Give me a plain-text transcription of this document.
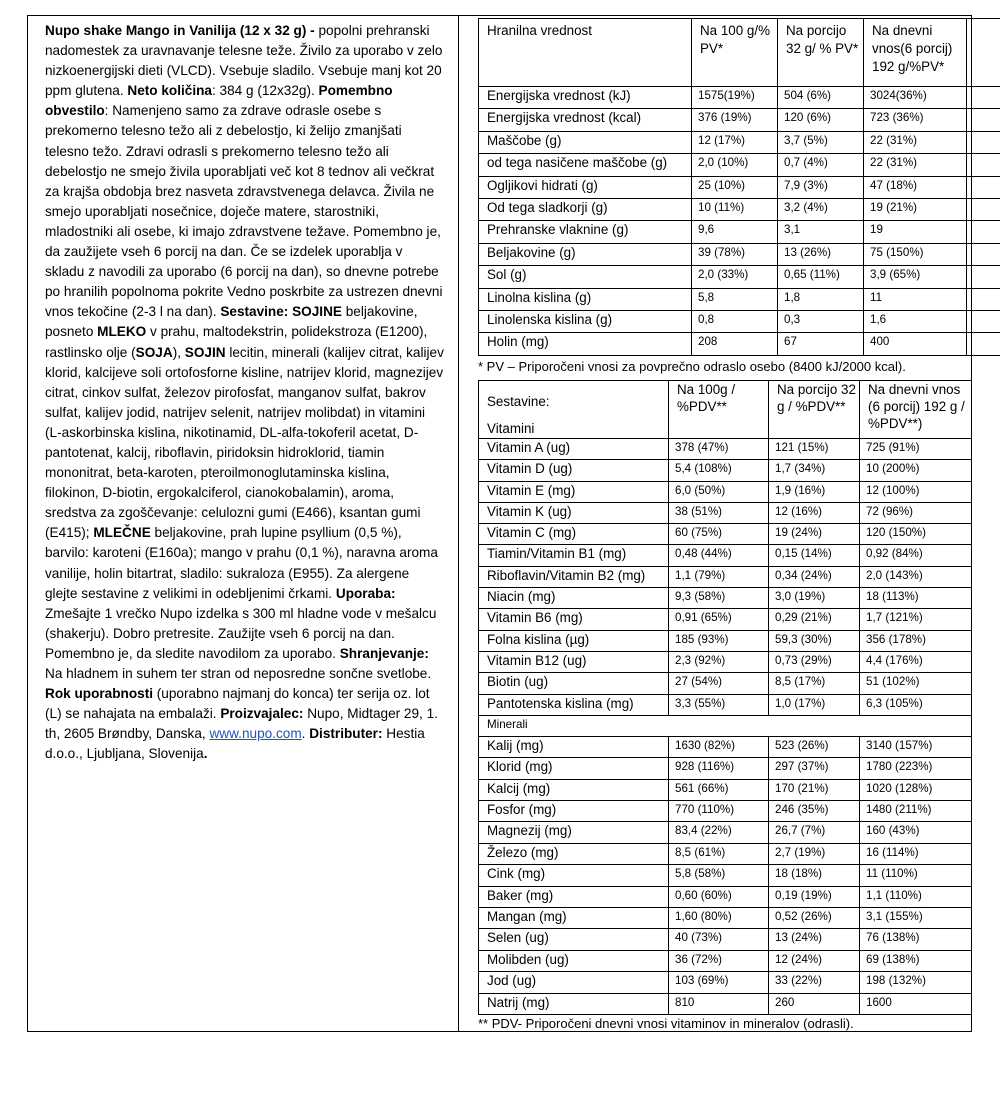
Nupo shake Mango in Vanilija (12 x 32 g) - popolni prehranski nadomestek za uravnavanje telesne teže. Živilo za uporabo v zelo nizkoenergijski dieti (VLCD). Vsebuje sladilo. Vsebuje manj kot 20 ppm glutena. Neto količina: 384 g (12x32g). Pomembno obvestilo: Namenjeno samo za zdrave odrasle osebe s prekomerno telesno težo ali z debelostjo, ki želijo zmanjšati telesno težo. Zdravi odrasli s prekomerno telesno težo ali debelostjo ne smejo živila uporabljati več kot 8 tednov ali večkrat za krajša obdobja brez nasveta zdravstvenega delavca. Živila ne smejo uporabljati nosečnice, doječe matere, starostniki, mladostniki ali osebe, ki imajo zdravstvene težave. Pomembno je, da zaužijete vseh 6 porcij na dan. Če se izdelek uporablja v skladu z navodili za uporabo (6 porcij na dan), so dnevne potrebe po hranilih popolnoma pokrite Vedno poskrbite za ustrezen dnevni vnos tekočine (2-3 l na dan). Sestavine: SOJINE beljakovine, posneto MLEKO v prahu, maltodekstrin, polidekstroza (E1200), rastlinsko olje (SOJA), SOJIN lecitin, minerali (kalijev citrat, kalijev klorid, kalcijeve soli ortofosforne kisline, natrijev klorid, magnezijev citrat, cinkov sulfat, železov pirofosfat, manganov sulfat, bakrov sulfat, kalijev jodid, natrijev selenit, natrijev molibdat) in vitamini (L-askorbinska kislina, nikotinamid, DL-alfa-tokoferil acetat, D-pantotenat, kalcij, riboflavin, piridoksin hidroklorid, tiamin mononitrat, beta-karoten, pteroilmonoglutaminska kislina, filokinon, D-biotin, ergokalciferol, cianokobalamin), aroma, sredstva za zgoščevanje: celulozni gumi (E466), ksantan gumi (E415); MLEČNE beljakovine, prah lupine psyllium (0,5 %), barvilo: karoteni (E160a); mango v prahu (0,1 %), naravna aroma vanilije, holin bitartrat, sladilo: sukraloza (E955). Za alergene glejte sestavine z velikimi in odebljenimi črkami. Uporaba: Zmešajte 1 vrečko Nupo izdelka s 300 ml hladne vode v mešalcu (shakerju). Dobro pretresite. Zaužijte vseh 6 porcij na dan. Pomembno je, da sledite navodilom za uporabo. Shranjevanje: Na hladnem in suhem ter stran od neposredne sončne svetlobe. Rok uporabnosti (uporabno najmanj do konca) ter serija oz. lot (L) se nahajata na embalaži. Proizvajalec: Nupo, Midtager 29, 1. th, 2605 Brøndby, Danska, www.nupo.com. Distributer: Hestia d.o.o., Ljubljana, Slovenija.
Hranilna vrednost	Na 100 g/% PV*	Na porcijo 32 g/ % PV*	Na dnevni vnos(6 porcij) 192 g/%PV*	
Energijska vrednost (kJ)	1575(19%)	504 (6%)	3024(36%)	
Energijska vrednost (kcal)	376 (19%)	120 (6%)	723 (36%)	
Maščobe (g)	12 (17%)	3,7 (5%)	22 (31%)	
od tega nasičene maščobe (g)	2,0 (10%)	0,7 (4%)	22 (31%)	
Ogljikovi hidrati (g)	25 (10%)	7,9 (3%)	47 (18%)	
Od tega sladkorji (g)	10 (11%)	3,2 (4%)	19 (21%)	
Prehranske vlaknine (g)	9,6	3,1	19	
Beljakovine (g)	39 (78%)	13 (26%)	75 (150%)	
Sol (g)	2,0 (33%)	0,65 (11%)	3,9 (65%)	
Linolna kislina (g)	5,8	1,8	11	
Linolenska kislina (g)	0,8	0,3	1,6	
Holin (mg)	208	67	400	
* PV – Priporočeni vnosi za povprečno odraslo osebo (8400 kJ/2000 kcal).
Sestavine:	Na 100g / %PDV**	Na porcijo 32 g / %PDV**	Na dnevni vnos (6 porcij) 192 g / %PDV**)
Vitamini			
Vitamin A (ug)	378 (47%)	121 (15%)	725 (91%)
Vitamin D (ug)	5,4 (108%)	1,7 (34%)	10 (200%)
Vitamin E (mg)	6,0 (50%)	1,9 (16%)	12 (100%)
Vitamin K (ug)	38 (51%)	12 (16%)	72 (96%)
Vitamin C (mg)	60 (75%)	19 (24%)	120 (150%)
Tiamin/Vitamin B1 (mg)	0,48 (44%)	0,15 (14%)	0,92 (84%)
Riboflavin/Vitamin B2 (mg)	1,1 (79%)	0,34 (24%)	2,0 (143%)
Niacin (mg)	9,3 (58%)	3,0 (19%)	18 (113%)
Vitamin B6 (mg)	0,91 (65%)	0,29 (21%)	1,7 (121%)
Folna kislina (µg)	185 (93%)	59,3 (30%)	356 (178%)
Vitamin B12 (ug)	2,3 (92%)	0,73 (29%)	4,4 (176%)
Biotin (ug)	27 (54%)	8,5 (17%)	51 (102%)
Pantotenska kislina (mg)	3,3 (55%)	1,0 (17%)	6,3 (105%)
Minerali			
Kalij (mg)	1630 (82%)	523 (26%)	3140 (157%)
Klorid (mg)	928 (116%)	297 (37%)	1780 (223%)
Kalcij (mg)	561 (66%)	170 (21%)	1020 (128%)
Fosfor (mg)	770 (110%)	246 (35%)	1480 (211%)
Magnezij (mg)	83,4 (22%)	26,7 (7%)	160 (43%)
Železo (mg)	8,5 (61%)	2,7 (19%)	16 (114%)
Cink (mg)	5,8 (58%)	18 (18%)	11 (110%)
Baker (mg)	0,60 (60%)	0,19 (19%)	1,1 (110%)
Mangan (mg)	1,60 (80%)	0,52 (26%)	3,1 (155%)
Selen (ug)	40 (73%)	13 (24%)	76 (138%)
Molibden (ug)	36 (72%)	12 (24%)	69 (138%)
Jod (ug)	103 (69%)	33 (22%)	198 (132%)
Natrij (mg)	810	260	1600
** PDV- Priporočeni dnevni vnosi vitaminov in mineralov (odrasli).
